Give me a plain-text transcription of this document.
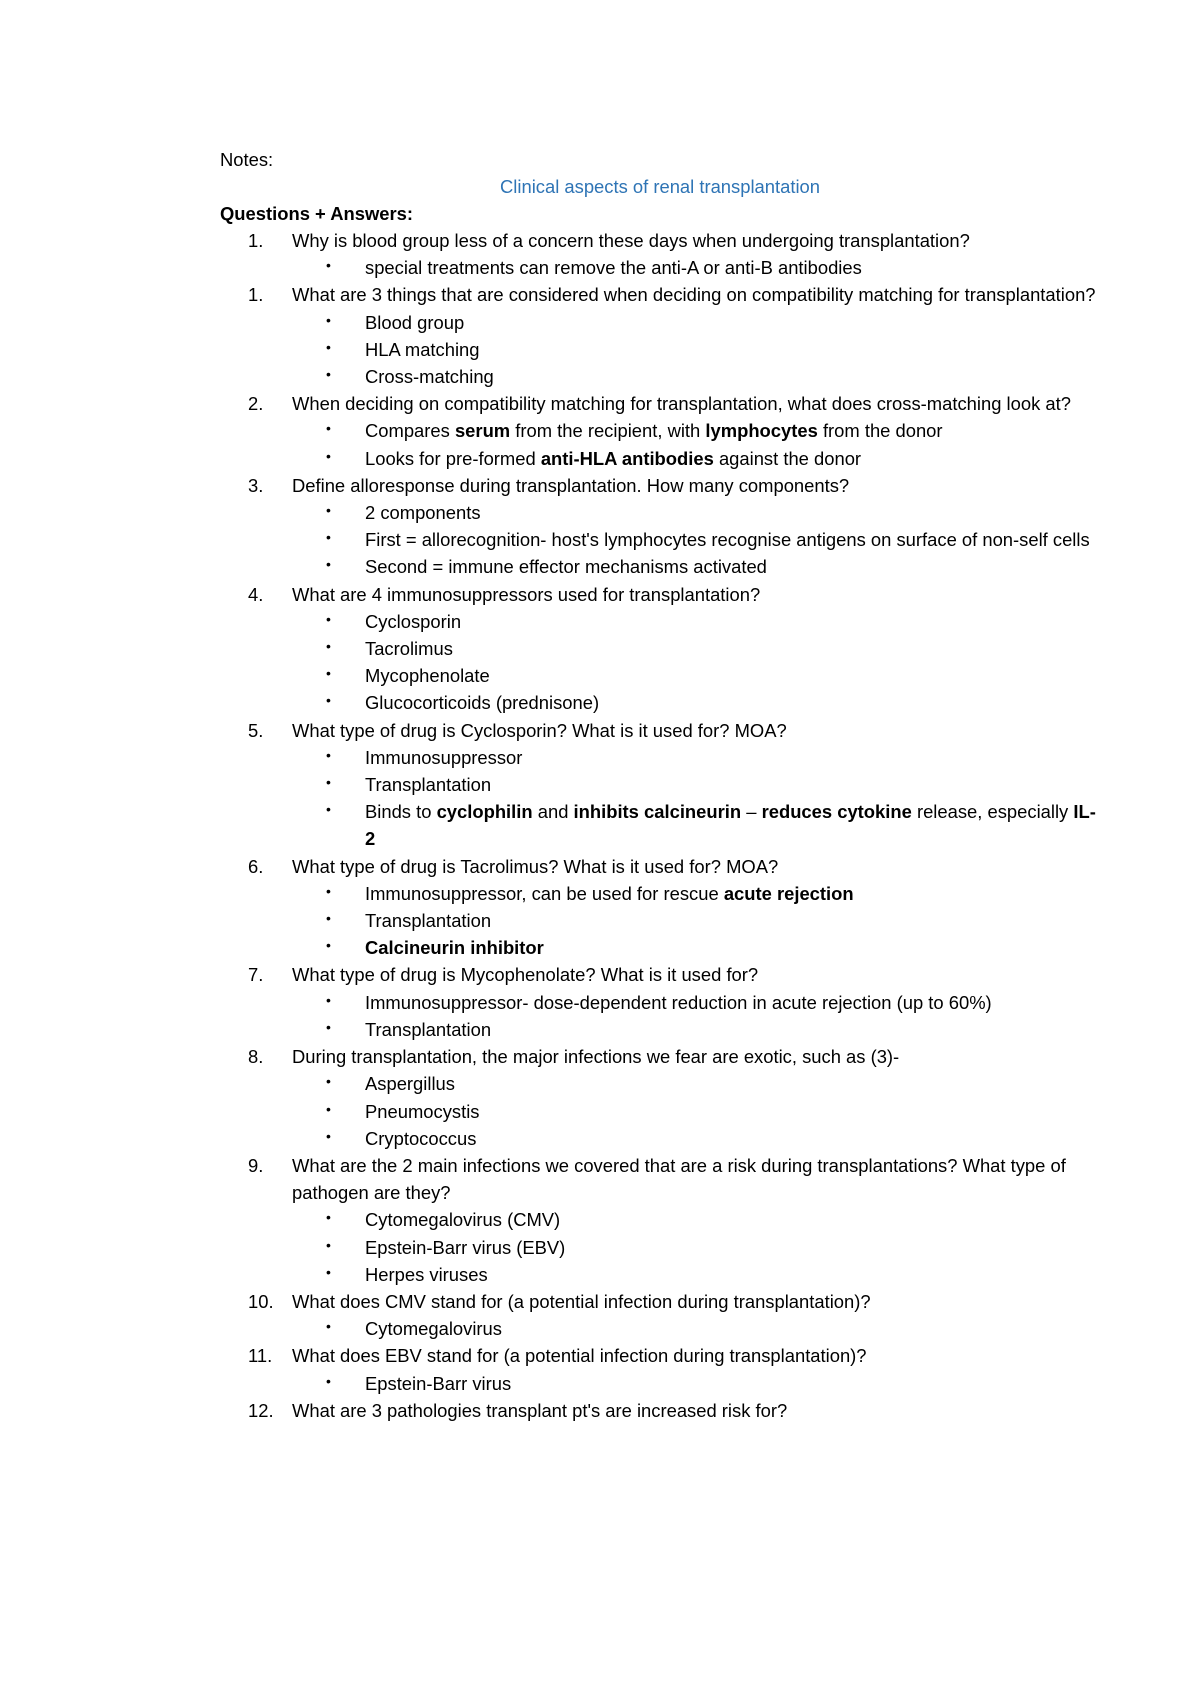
Notes:
Clinical aspects of renal transplantation
Questions + Answers:
1.	Why is blood group less of a concern these days when undergoing transplantation?
• special treatments can remove the anti-A or anti-B antibodies
1.	What are 3 things that are considered when deciding on compatibility matching for transplantation?
• Blood group
• HLA matching
• Cross-matching
2.	When deciding on compatibility matching for transplantation, what does cross-matching look at?
• Compares serum from the recipient, with lymphocytes from the donor
• Looks for pre-formed anti-HLA antibodies against the donor
3.	Define alloresponse during transplantation. How many components?
• 2 components
• First = allorecognition- host's lymphocytes recognise antigens on surface of non-self cells
• Second = immune effector mechanisms activated
4.	What are 4 immunosuppressors used for transplantation?
• Cyclosporin
• Tacrolimus
• Mycophenolate
• Glucocorticoids (prednisone)
5.	What type of drug is Cyclosporin? What is it used for? MOA?
• Immunosuppressor
• Transplantation
• Binds to cyclophilin and inhibits calcineurin – reduces cytokine release, especially IL-2
6.	What type of drug is Tacrolimus? What is it used for? MOA?
• Immunosuppressor, can be used for rescue acute rejection
• Transplantation
• Calcineurin inhibitor
7.	What type of drug is Mycophenolate? What is it used for?
• Immunosuppressor- dose-dependent reduction in acute rejection (up to 60%)
• Transplantation
8.	During transplantation, the major infections we fear are exotic, such as (3)-
• Aspergillus
• Pneumocystis
• Cryptococcus
9.	What are the 2 main infections we covered that are a risk during transplantations? What type of pathogen are they?
• Cytomegalovirus (CMV)
• Epstein-Barr virus (EBV)
• Herpes viruses
10.	What does CMV stand for (a potential infection during transplantation)?
• Cytomegalovirus
11.	What does EBV stand for (a potential infection during transplantation)?
• Epstein-Barr virus
12.	What are 3 pathologies transplant pt's are increased risk for?
